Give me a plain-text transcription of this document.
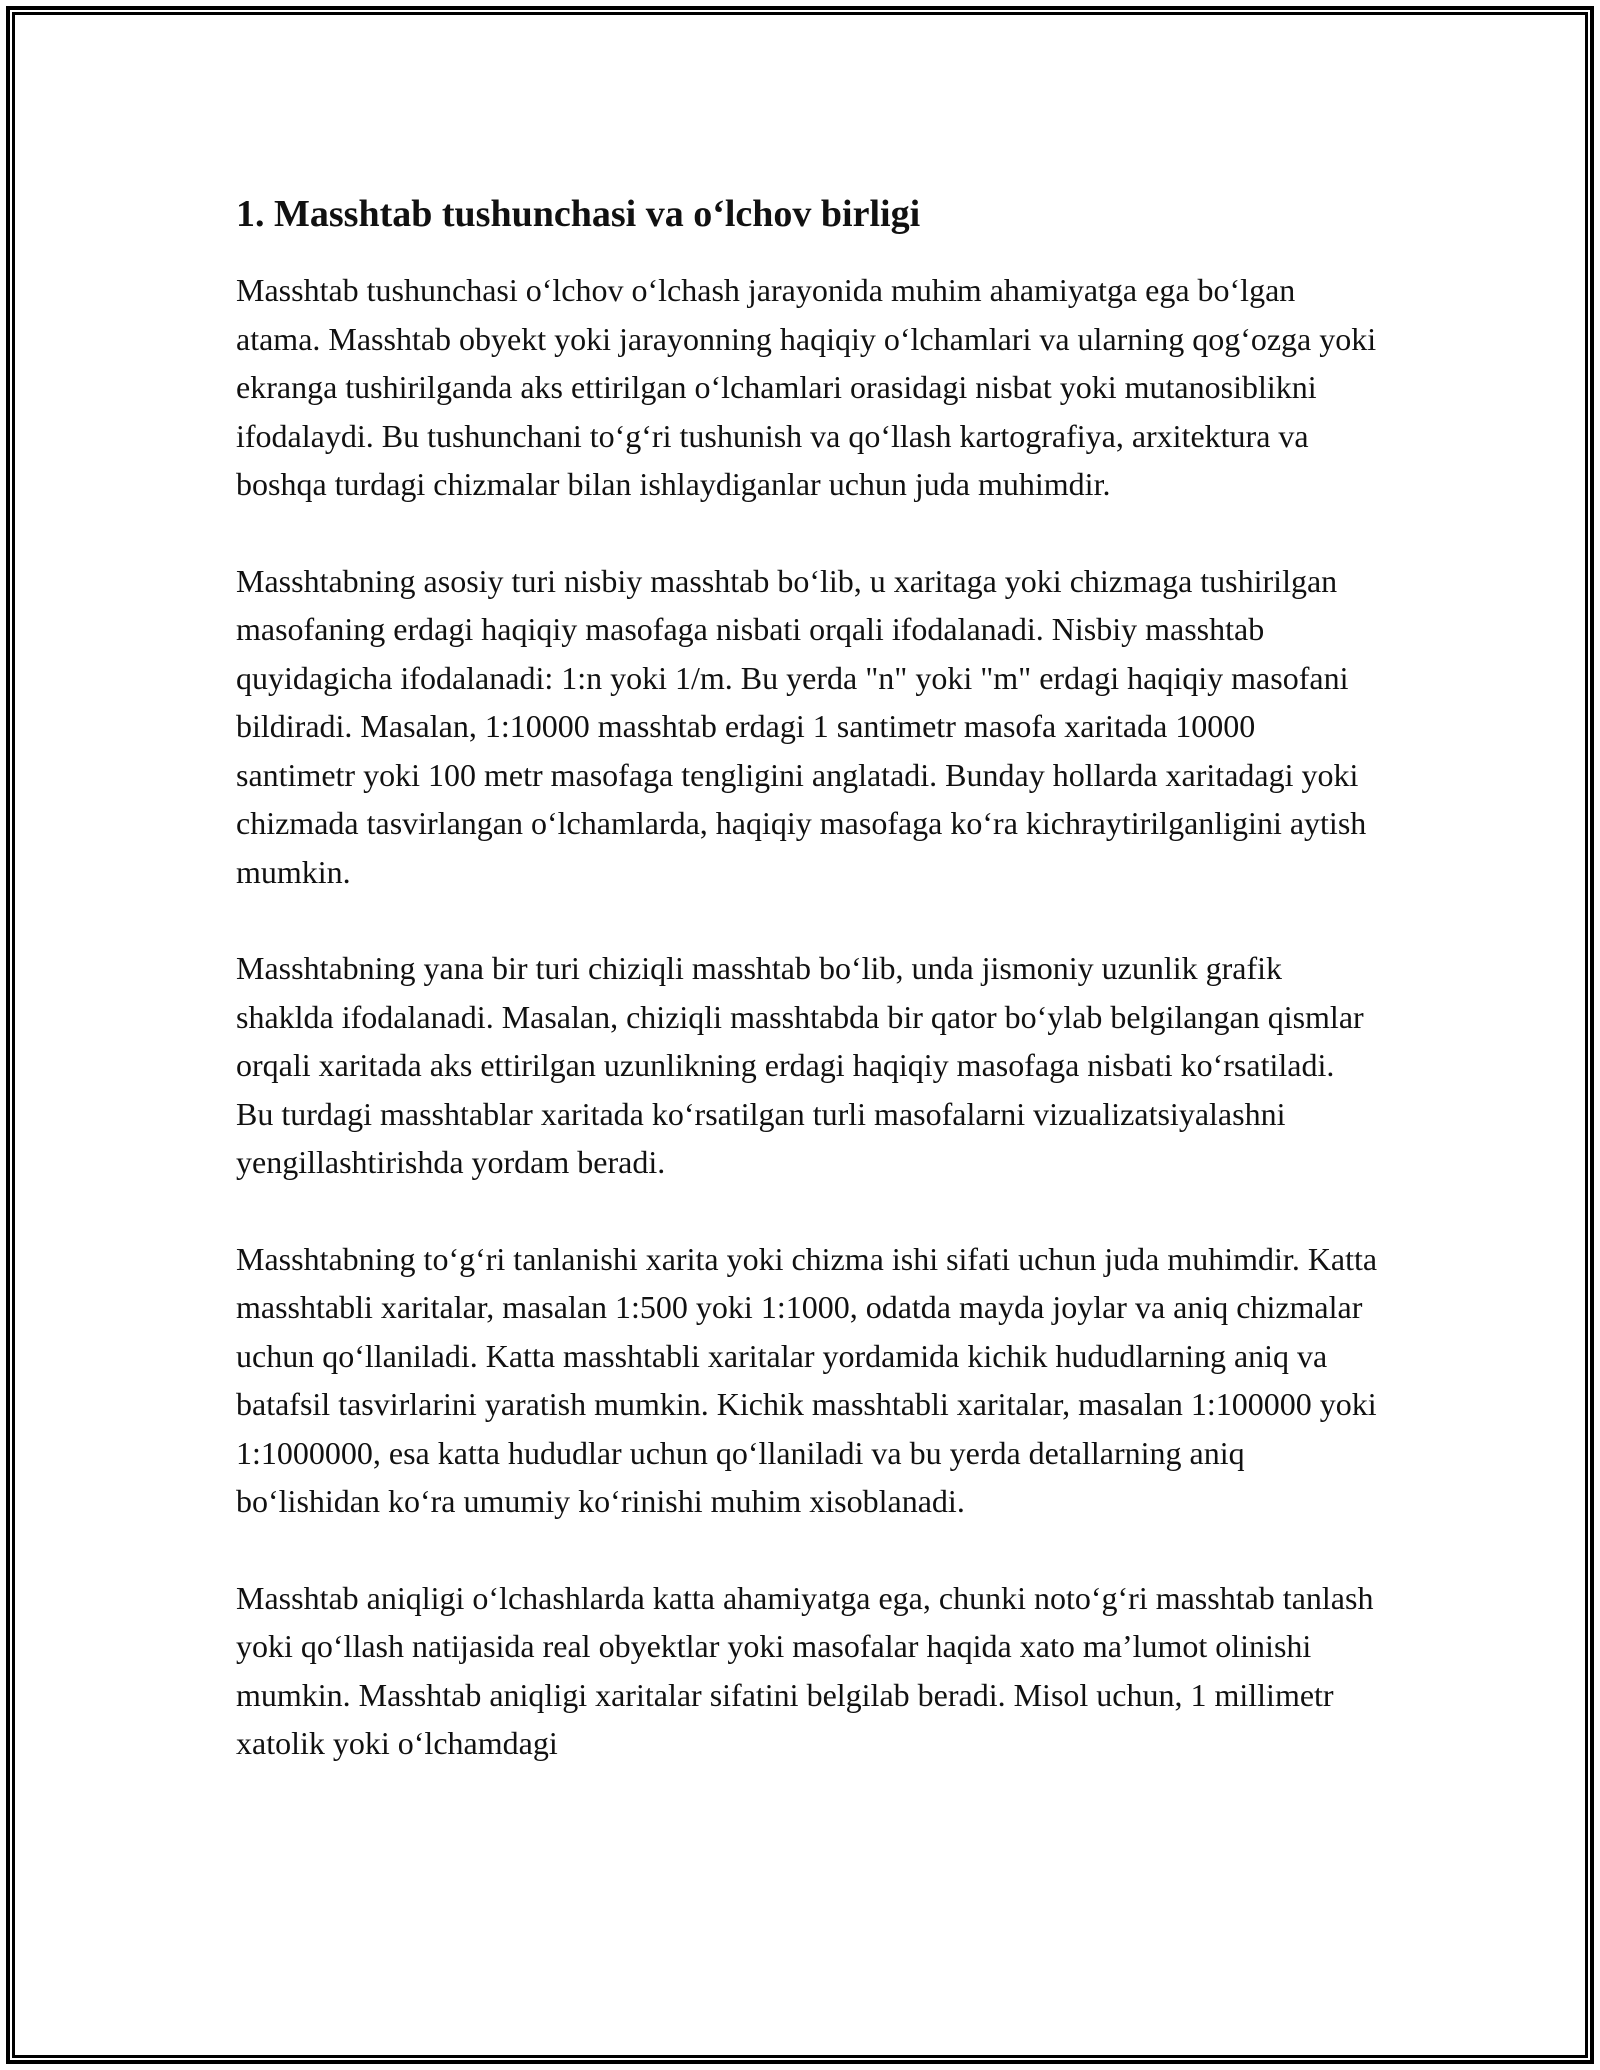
1. Masshtab tushunchasi va o‘lchov birligi

Masshtab tushunchasi o‘lchov o‘lchash jarayonida muhim ahamiyatga ega bo‘lgan atama. Masshtab obyekt yoki jarayonning haqiqiy o‘lchamlari va ularning qog‘ozga yoki ekranga tushirilganda aks ettirilgan o‘lchamlari orasidagi nisbat yoki mutanosiblikni ifodalaydi. Bu tushunchani to‘g‘ri tushunish va qo‘llash kartografiya, arxitektura va boshqa turdagi chizmalar bilan ishlaydiganlar uchun juda muhimdir.

Masshtabning asosiy turi nisbiy masshtab bo‘lib, u xaritaga yoki chizmaga tushirilgan masofaning erdagi haqiqiy masofaga nisbati orqali ifodalanadi. Nisbiy masshtab quyidagicha ifodalanadi: 1:n yoki 1/m. Bu yerda "n" yoki "m" erdagi haqiqiy masofani bildiradi. Masalan, 1:10000 masshtab erdagi 1 santimetr masofa xaritada 10000 santimetr yoki 100 metr masofaga tengligini anglatadi. Bunday hollarda xaritadagi yoki chizmada tasvirlangan o‘lchamlarda, haqiqiy masofaga ko‘ra kichraytirilganligini aytish mumkin.

Masshtabning yana bir turi chiziqli masshtab bo‘lib, unda jismoniy uzunlik grafik shaklda ifodalanadi. Masalan, chiziqli masshtabda bir qator bo‘ylab belgilangan qismlar orqali xaritada aks ettirilgan uzunlikning erdagi haqiqiy masofaga nisbati ko‘rsatiladi. Bu turdagi masshtablar xaritada ko‘rsatilgan turli masofalarni vizualizatsiyalashni yengillashtirishda yordam beradi.

Masshtabning to‘g‘ri tanlanishi xarita yoki chizma ishi sifati uchun juda muhimdir. Katta masshtabli xaritalar, masalan 1:500 yoki 1:1000, odatda mayda joylar va aniq chizmalar uchun qo‘llaniladi. Katta masshtabli xaritalar yordamida kichik hududlarning aniq va batafsil tasvirlarini yaratish mumkin. Kichik masshtabli xaritalar, masalan 1:100000 yoki 1:1000000, esa katta hududlar uchun qo‘llaniladi va bu yerda detallarning aniq bo‘lishidan ko‘ra umumiy ko‘rinishi muhim xisoblanadi.

Masshtab aniqligi o‘lchashlarda katta ahamiyatga ega, chunki noto‘g‘ri masshtab tanlash yoki qo‘llash natijasida real obyektlar yoki masofalar haqida xato ma’lumot olinishi mumkin. Masshtab aniqligi xaritalar sifatini belgilab beradi. Misol uchun, 1 millimetr xatolik yoki o‘lchamdagi
